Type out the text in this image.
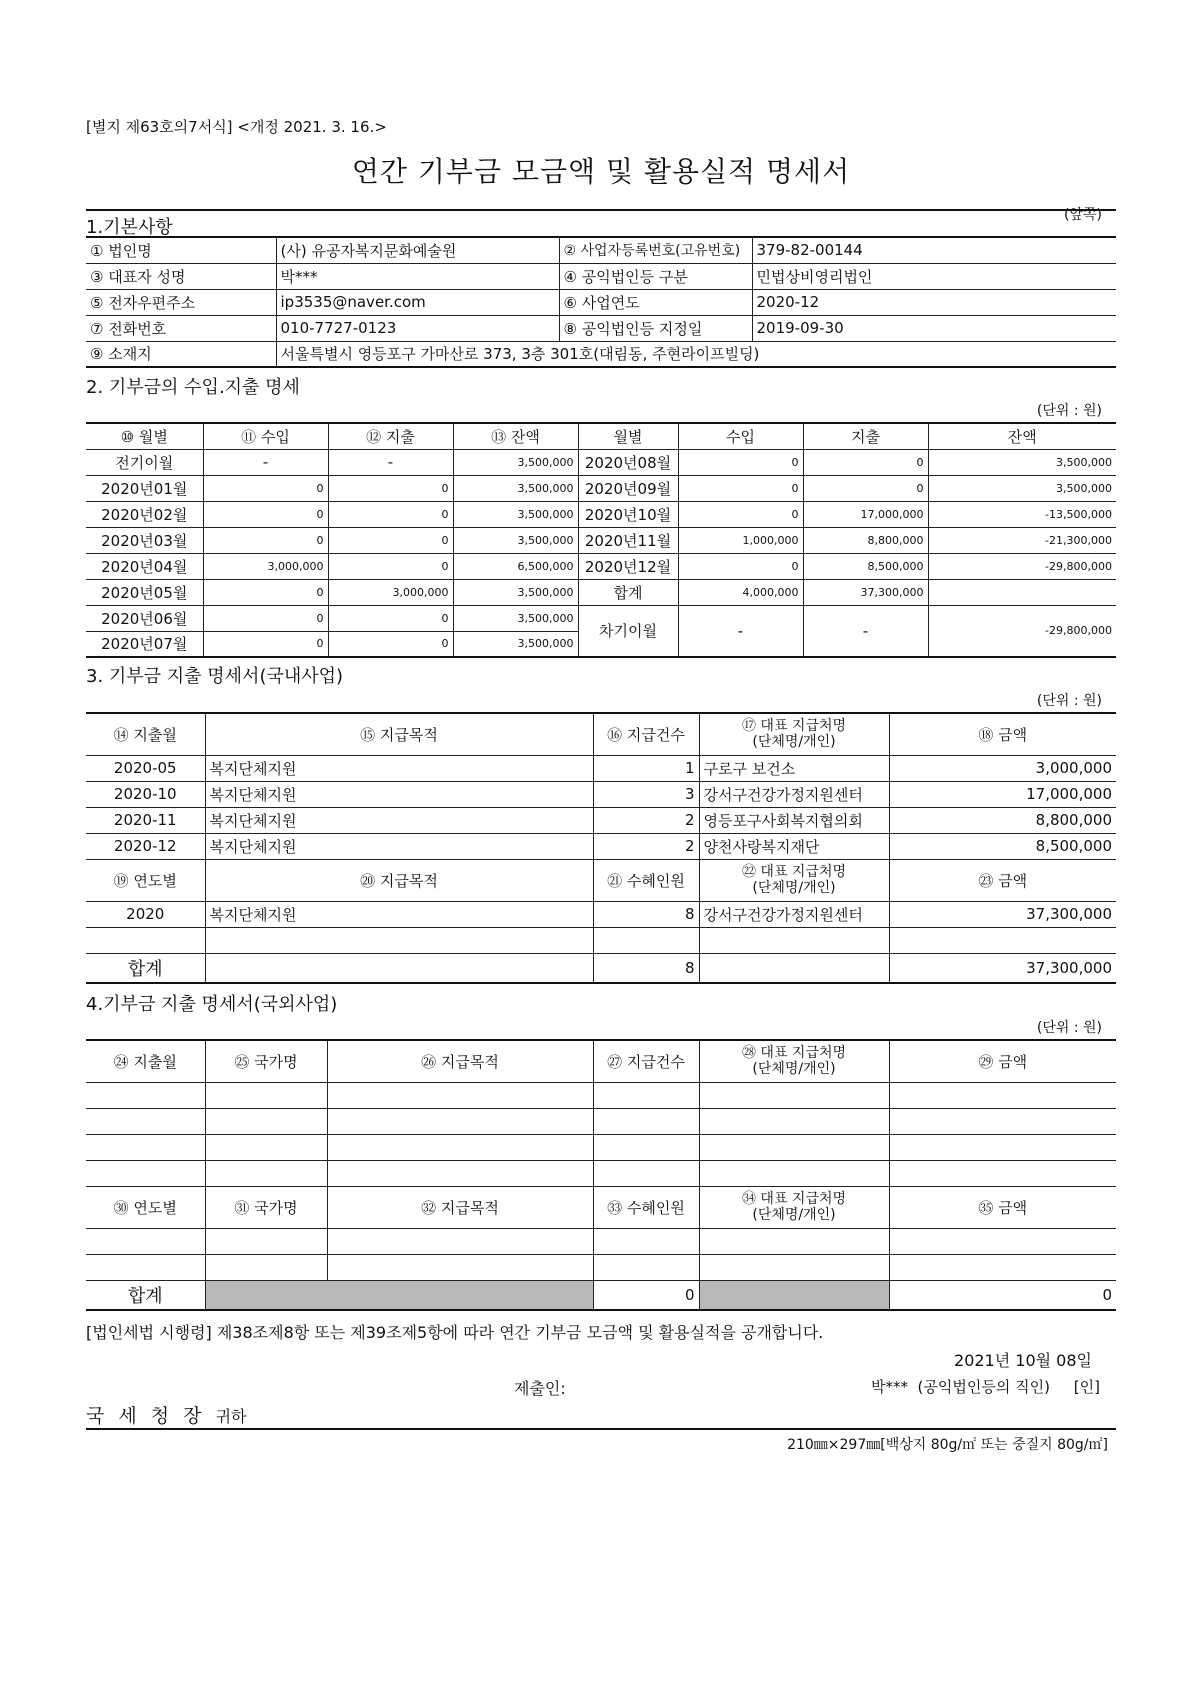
[별지 제63호의7서식] <개정 2021. 3. 16.>
연간 기부금 모금액 및 활용실적 명세서
(앞쪽)
1.기본사항
① 법인명	(사) 유공자복지문화예술원	② 사업자등록번호(고유번호)	379-82-00144
③ 대표자 성명	박***	④ 공익법인등 구분	민법상비영리법인
⑤ 전자우편주소	ip3535@naver.com	⑥ 사업연도	2020-12
⑦ 전화번호	010-7727-0123	⑧ 공익법인등 지정일	2019-09-30
⑨ 소재지	서울특별시 영등포구 가마산로 373, 3층 301호(대림동, 주현라이프빌딩)		
2. 기부금의 수입.지출 명세
(단위 : 원)
⑩ 월별	⑪ 수입	⑫ 지출	⑬ 잔액	월별	수입	지출	잔액
전기이월	-	-	3,500,000	2020년08월	0	0	3,500,000
2020년01월	0	0	3,500,000	2020년09월	0	0	3,500,000
2020년02월	0	0	3,500,000	2020년10월	0	17,000,000	-13,500,000
2020년03월	0	0	3,500,000	2020년11월	1,000,000	8,800,000	-21,300,000
2020년04월	3,000,000	0	6,500,000	2020년12월	0	8,500,000	-29,800,000
2020년05월	0	3,000,000	3,500,000	합계	4,000,000	37,300,000	
2020년06월	0	0	3,500,000	차기이월	-	-	-29,800,000
2020년07월	0	0	3,500,000				
3. 기부금 지출 명세서(국내사업)
(단위 : 원)
⑭ 지출월	⑮ 지급목적	⑯ 지급건수	⑰ 대표 지급처명
(단체명/개인)	⑱ 금액
2020-05	복지단체지원	1	구로구 보건소	3,000,000
2020-10	복지단체지원	3	강서구건강가정지원센터	17,000,000
2020-11	복지단체지원	2	영등포구사회복지협의회	8,800,000
2020-12	복지단체지원	2	양천사랑복지재단	8,500,000
⑲ 연도별	⑳ 지급목적	㉑ 수혜인원	㉒ 대표 지급처명
(단체명/개인)	㉓ 금액
2020	복지단체지원	8	강서구건강가정지원센터	37,300,000

합계		8		37,300,000
4.기부금 지출 명세서(국외사업)
(단위 : 원)
㉔ 지출월	㉕ 국가명	㉖ 지급목적	㉗ 지급건수	㉘ 대표 지급처명
(단체명/개인)	㉙ 금액

㉚ 연도별	㉛ 국가명	㉜ 지급목적	㉝ 수혜인원	㉞ 대표 지급처명
(단체명/개인)	㉟ 금액

합계			0		0
[법인세법 시행령] 제38조제8항 또는 제39조제5항에 따라 연간 기부금 모금액 및 활용실적을 공개합니다.
2021년 10월 08일
제출인:	박***  (공익법인등의 직인)     [인]
국 세 청 장 귀하
210㎜×297㎜[백상지 80g/㎡ 또는 중질지 80g/㎡]
